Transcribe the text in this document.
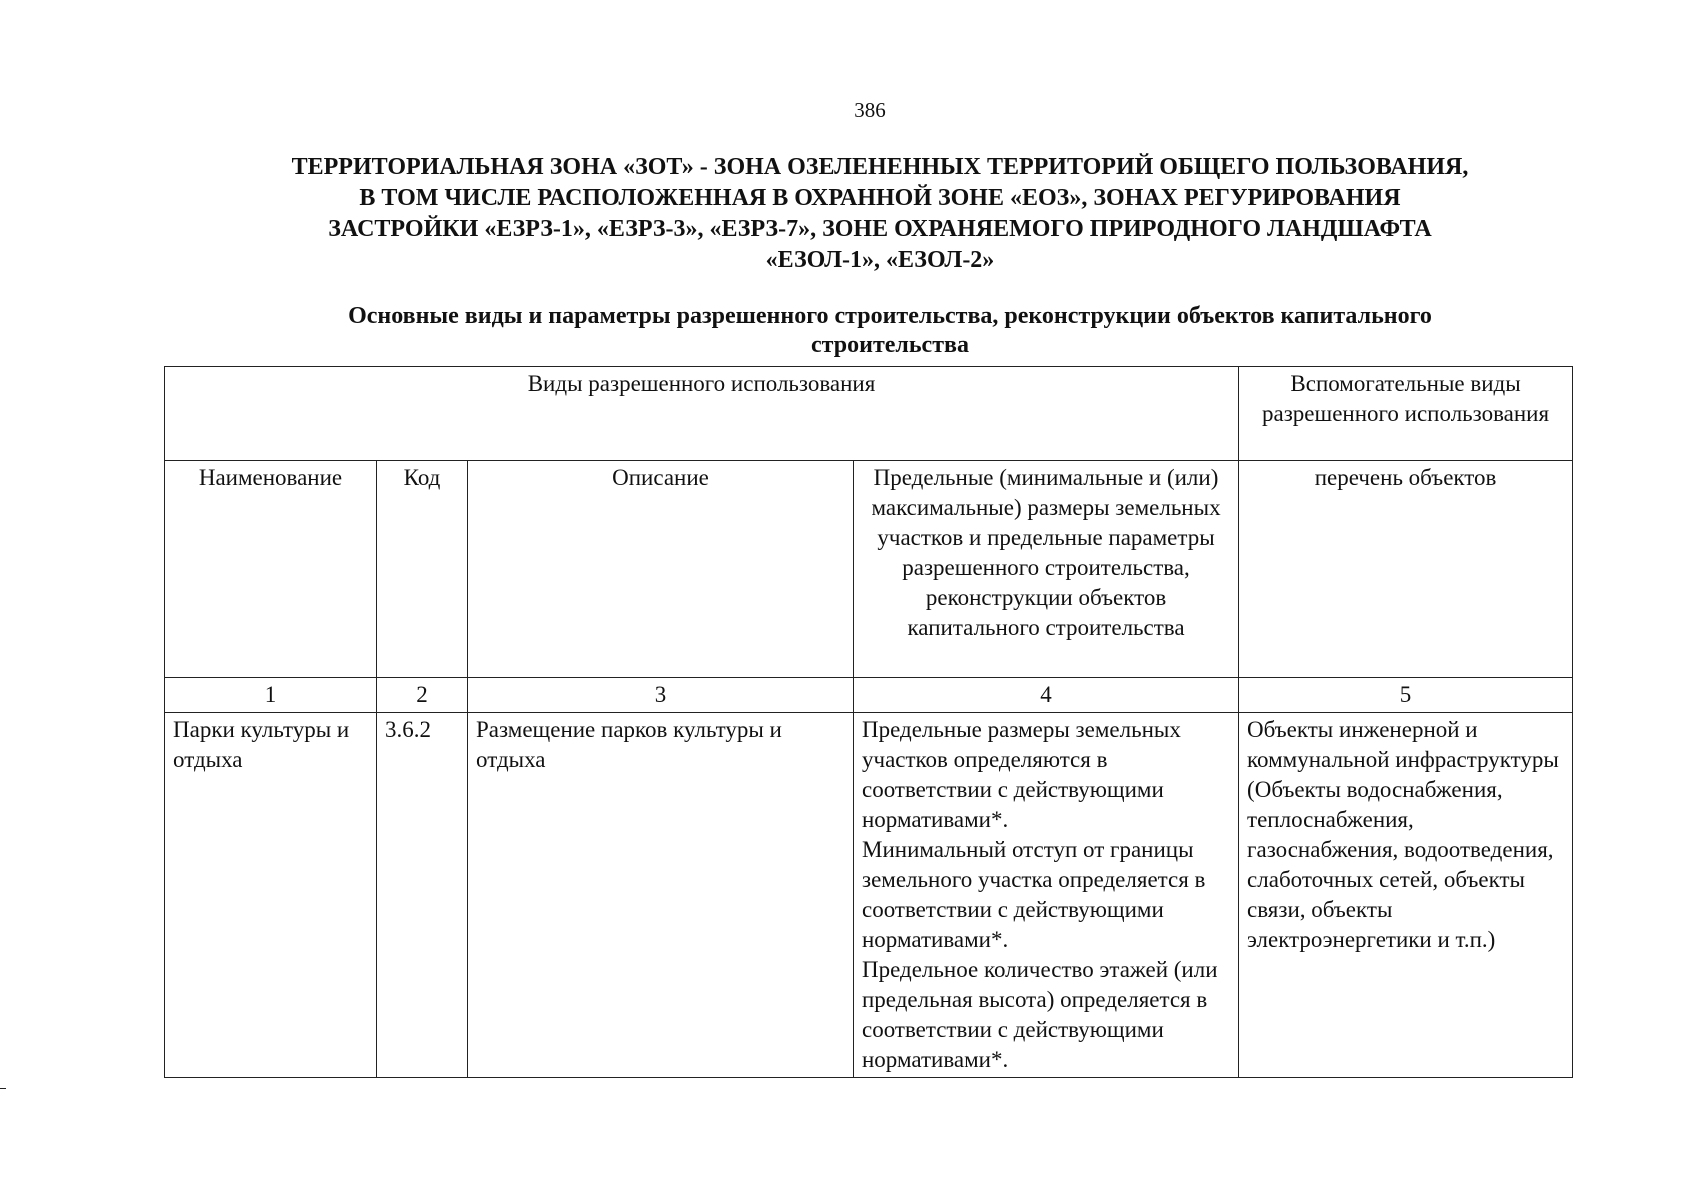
386
ТЕРРИТОРИАЛЬНАЯ ЗОНА «ЗОТ» - ЗОНА ОЗЕЛЕНЕННЫХ ТЕРРИТОРИЙ ОБЩЕГО ПОЛЬЗОВАНИЯ,
В ТОМ ЧИСЛЕ РАСПОЛОЖЕННАЯ В ОХРАННОЙ ЗОНЕ «ЕОЗ», ЗОНАХ РЕГУРИРОВАНИЯ
ЗАСТРОЙКИ «ЕЗРЗ-1», «ЕЗРЗ-3», «ЕЗРЗ-7», ЗОНЕ ОХРАНЯЕМОГО ПРИРОДНОГО ЛАНДШАФТА
«ЕЗОЛ-1», «ЕЗОЛ-2»
Основные виды и параметры разрешенного строительства, реконструкции объектов капитального
строительства
Виды разрешенного использования				Вспомогательные виды разрешенного использования
Наименование	Код	Описание	Предельные (минимальные и (или) максимальные) размеры земельных участков и предельные параметры разрешенного строительства, реконструкции объектов капитального строительства	перечень объектов
1	2	3	4	5
Парки культуры и отдыха	3.6.2	Размещение парков культуры и отдыха	Предельные размеры земельных участков определяются в соответствии с действующими нормативами*.
Минимальный отступ от границы земельного участка определяется в соответствии с действующими нормативами*.
Предельное количество этажей (или предельная высота) определяется в соответствии с действующими нормативами*.	Объекты инженерной и коммунальной инфраструктуры (Объекты водоснабжения, теплоснабжения, газоснабжения, водоотведения, слаботочных сетей, объекты связи, объекты электроэнергетики и т.п.)
